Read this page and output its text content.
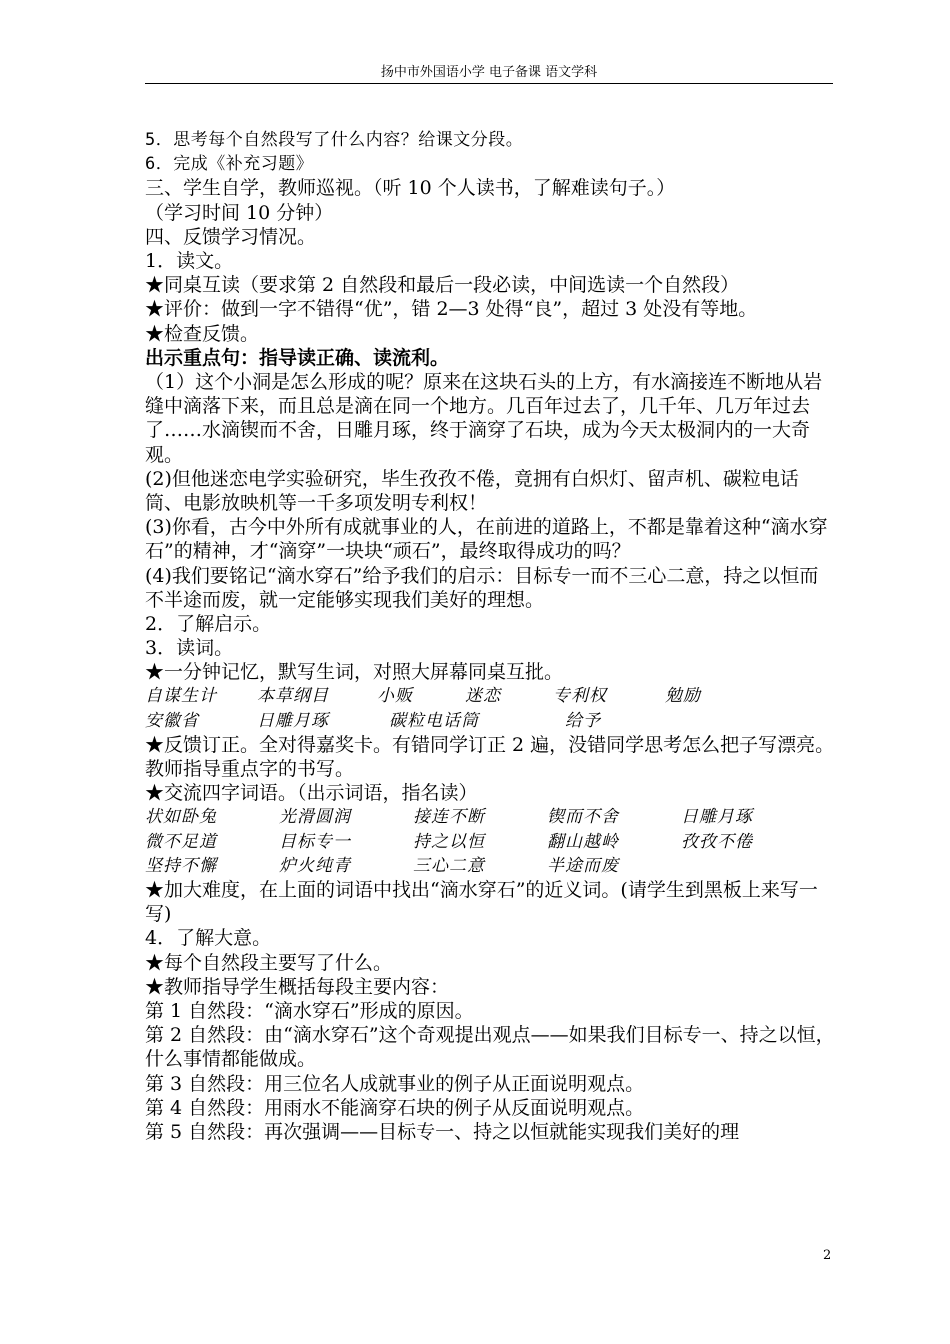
扬中市外国语小学 电子备课 语文学科
5．思考每个自然段写了什么内容？给课文分段。
6．完成《补充习题》
三、学生自学，教师巡视。（听 10 个人读书，了解难读句子。）
（学习时间 10 分钟）
四、反馈学习情况。
1．读文。
★同桌互读（要求第 2 自然段和最后一段必读，中间选读一个自然段）
★评价：做到一字不错得“优”，错 2—3 处得“良”，超过 3 处没有等地。
★检查反馈。
出示重点句：指导读正确、读流利。
（1）这个小洞是怎么形成的呢？原来在这块石头的上方，有水滴接连不断地从岩缝中滴落下来，而且总是滴在同一个地方。几百年过去了，几千年、几万年过去了……水滴锲而不舍，日雕月琢，终于滴穿了石块，成为今天太极洞内的一大奇观。
(2)但他迷恋电学实验研究，毕生孜孜不倦，竟拥有白炽灯、留声机、碳粒电话筒、电影放映机等一千多项发明专利权！
(3)你看，古今中外所有成就事业的人，在前进的道路上，不都是靠着这种“滴水穿石”的精神，才“滴穿”一块块“顽石”，最终取得成功的吗？
(4)我们要铭记“滴水穿石”给予我们的启示：目标专一而不三心二意，持之以恒而不半途而废，就一定能够实现我们美好的理想。
2．了解启示。
3．读词。
★一分钟记忆，默写生词，对照大屏幕同桌互批。
自谋生计	本草纲目	小贩	迷恋	专利权	勉励
安徽省	日雕月琢	碳粒电话筒	给予
★反馈订正。全对得嘉奖卡。有错同学订正 2 遍，没错同学思考怎么把子写漂亮。教师指导重点字的书写。
★交流四字词语。（出示词语，指名读）
状如卧兔	光滑圆润	接连不断	锲而不舍	日雕月琢
微不足道	目标专一	持之以恒	翻山越岭	孜孜不倦
坚持不懈	炉火纯青	三心二意	半途而废
★加大难度，在上面的词语中找出“滴水穿石”的近义词。(请学生到黑板上来写一写)
4．了解大意。
★每个自然段主要写了什么。
★教师指导学生概括每段主要内容：
第 1 自然段：“滴水穿石”形成的原因。
第 2 自然段：由“滴水穿石”这个奇观提出观点——如果我们目标专一、持之以恒，什么事情都能做成。
第 3 自然段：用三位名人成就事业的例子从正面说明观点。
第 4 自然段：用雨水不能滴穿石块的例子从反面说明观点。
第 5 自然段：再次强调——目标专一、持之以恒就能实现我们美好的理
2
